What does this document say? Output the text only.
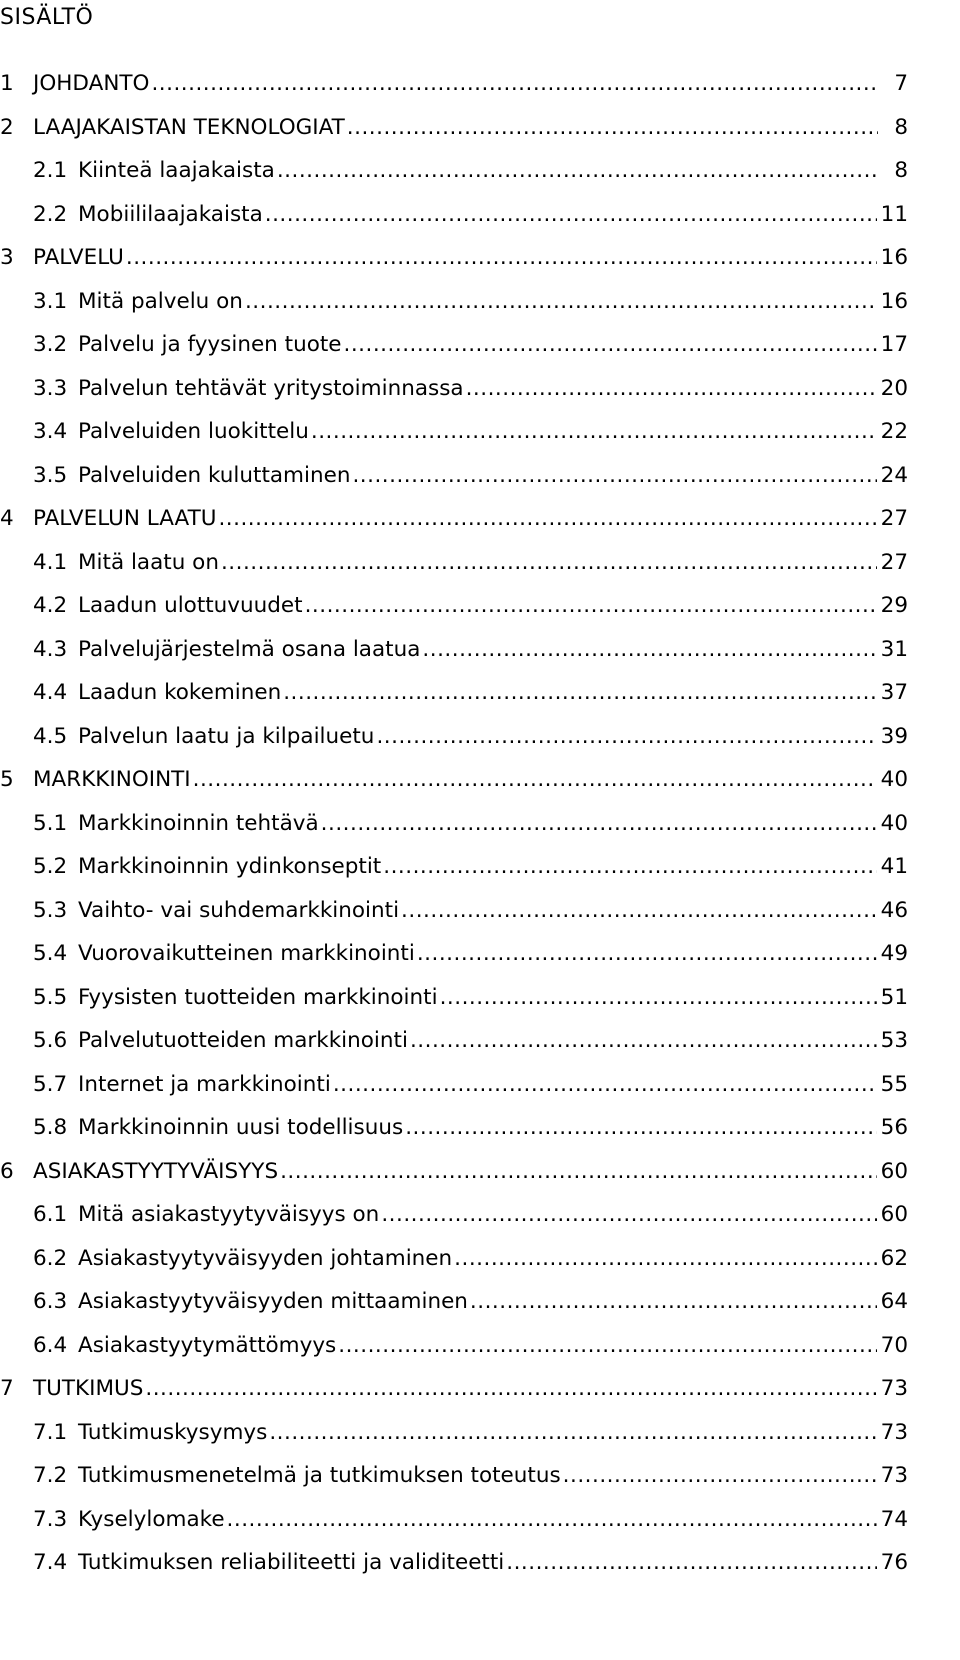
SISÄLTÖ
1 JOHDANTO .....	7
2 LAAJAKAISTAN TEKNOLOGIAT .....	8
2.1 Kiinteä laajakaista .....	8
2.2 Mobiililaajakaista .....	11
3 PALVELU .....	16
3.1 Mitä palvelu on .....	16
3.2 Palvelu ja fyysinen tuote .....	17
3.3 Palvelun tehtävät yritystoiminnassa .....	20
3.4 Palveluiden luokittelu .....	22
3.5 Palveluiden kuluttaminen .....	24
4 PALVELUN LAATU .....	27
4.1 Mitä laatu on .....	27
4.2 Laadun ulottuvuudet .....	29
4.3 Palvelujärjestelmä osana laatua .....	31
4.4 Laadun kokeminen .....	37
4.5 Palvelun laatu ja kilpailuetu .....	39
5 MARKKINOINTI .....	40
5.1 Markkinoinnin tehtävä .....	40
5.2 Markkinoinnin ydinkonseptit .....	41
5.3 Vaihto- vai suhdemarkkinointi .....	46
5.4 Vuorovaikutteinen markkinointi .....	49
5.5 Fyysisten tuotteiden markkinointi .....	51
5.6 Palvelutuotteiden markkinointi .....	53
5.7 Internet ja markkinointi .....	55
5.8 Markkinoinnin uusi todellisuus .....	56
6 ASIAKASTYYTYVÄISYYS .....	60
6.1 Mitä asiakastyytyväisyys on .....	60
6.2 Asiakastyytyväisyyden johtaminen .....	62
6.3 Asiakastyytyväisyyden mittaaminen .....	64
6.4 Asiakastyytymättömyys .....	70
7 TUTKIMUS .....	73
7.1 Tutkimuskysymys .....	73
7.2 Tutkimusmenetelmä ja tutkimuksen toteutus .....	73
7.3 Kyselylomake .....	74
7.4 Tutkimuksen reliabiliteetti ja validiteetti .....	76
